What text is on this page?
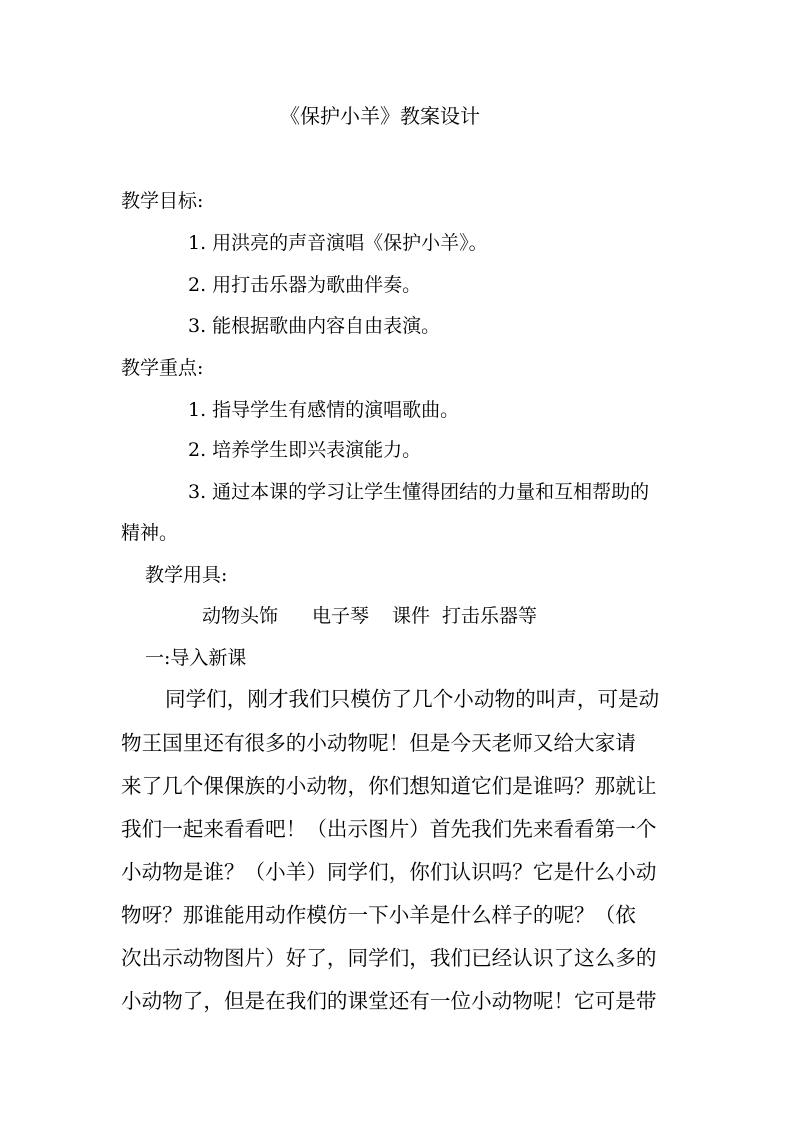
《保护小羊》教案设计
教学目标:
1. 用洪亮的声音演唱《保护小羊》。
2. 用打击乐器为歌曲伴奏。
3. 能根据歌曲内容自由表演。
教学重点:
1. 指导学生有感情的演唱歌曲。
2. 培养学生即兴表演能力。
3. 通过本课的学习让学生懂得团结的力量和互相帮助的
精神。
教学用具:
动物头饰 电子琴 课件 打击乐器等
一:导入新课
同学们，刚才我们只模仿了几个小动物的叫声，可是动
物王国里还有很多的小动物呢！但是今天老师又给大家请
来了几个倮倮族的小动物，你们想知道它们是谁吗？那就让
我们一起来看看吧！（出示图片）首先我们先来看看第一个
小动物是谁？（小羊）同学们，你们认识吗？它是什么小动
物呀？那谁能用动作模仿一下小羊是什么样子的呢？（依
次出示动物图片）好了，同学们，我们已经认识了这么多的
小动物了，但是在我们的课堂还有一位小动物呢！它可是带
